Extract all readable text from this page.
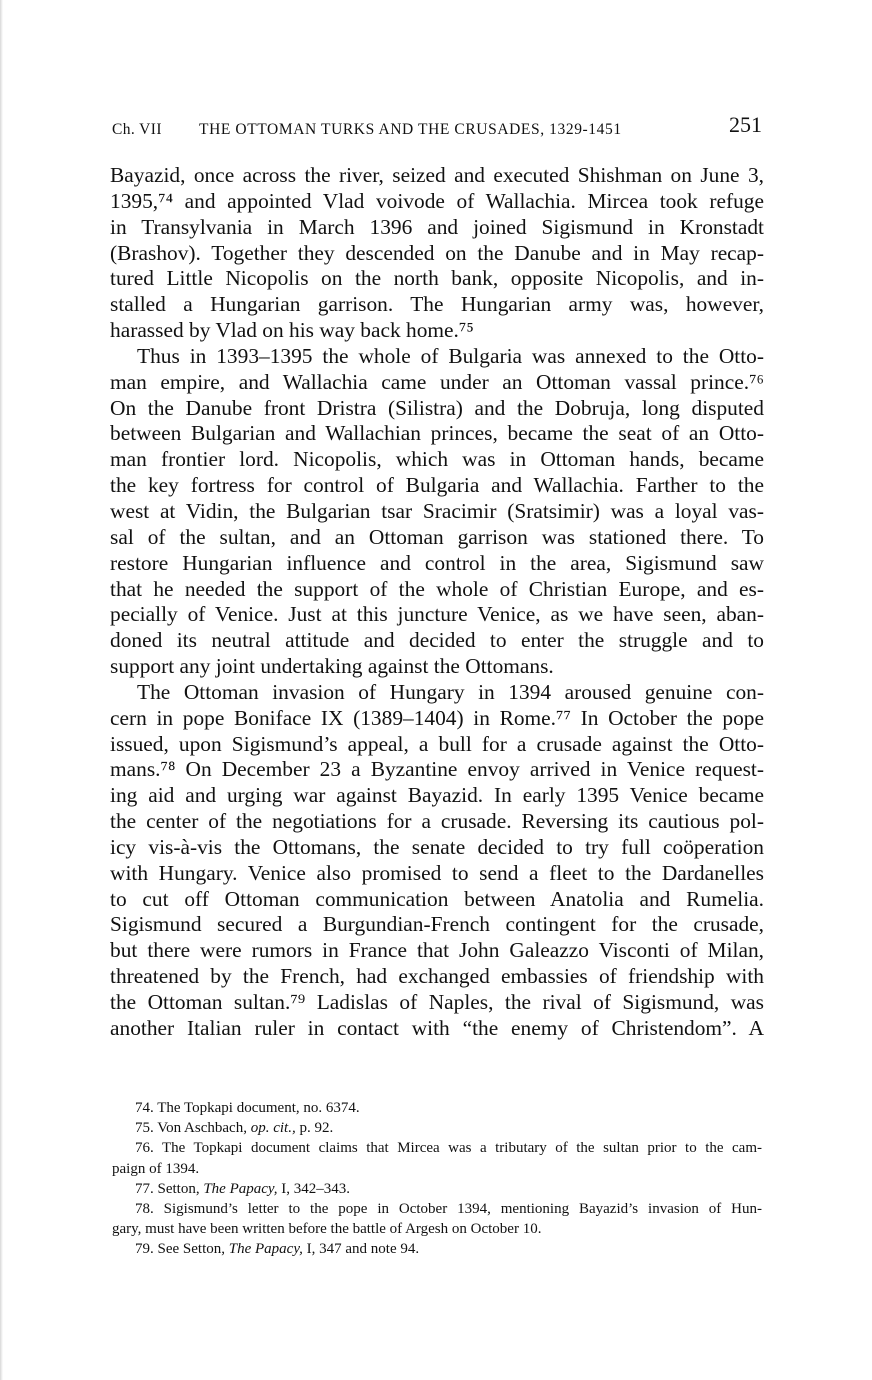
Ch. VII THE OTTOMAN TURKS AND THE CRUSADES, 1329-1451	251
Bayazid, once across the river, seized and executed Shishman on June 3,
1395,⁷⁴ and appointed Vlad voivode of Wallachia. Mircea took refuge
in Transylvania in March 1396 and joined Sigismund in Kronstadt
(Brashov). Together they descended on the Danube and in May recap-
tured Little Nicopolis on the north bank, opposite Nicopolis, and in-
stalled a Hungarian garrison. The Hungarian army was, however,
harassed by Vlad on his way back home.⁷⁵
Thus in 1393–1395 the whole of Bulgaria was annexed to the Otto-
man empire, and Wallachia came under an Ottoman vassal prince.⁷⁶
On the Danube front Dristra (Silistra) and the Dobruja, long disputed
between Bulgarian and Wallachian princes, became the seat of an Otto-
man frontier lord. Nicopolis, which was in Ottoman hands, became
the key fortress for control of Bulgaria and Wallachia. Farther to the
west at Vidin, the Bulgarian tsar Sracimir (Sratsimir) was a loyal vas-
sal of the sultan, and an Ottoman garrison was stationed there. To
restore Hungarian influence and control in the area, Sigismund saw
that he needed the support of the whole of Christian Europe, and es-
pecially of Venice. Just at this juncture Venice, as we have seen, aban-
doned its neutral attitude and decided to enter the struggle and to
support any joint undertaking against the Ottomans.
The Ottoman invasion of Hungary in 1394 aroused genuine con-
cern in pope Boniface IX (1389–1404) in Rome.⁷⁷ In October the pope
issued, upon Sigismund’s appeal, a bull for a crusade against the Otto-
mans.⁷⁸ On December 23 a Byzantine envoy arrived in Venice request-
ing aid and urging war against Bayazid. In early 1395 Venice became
the center of the negotiations for a crusade. Reversing its cautious pol-
icy vis-à-vis the Ottomans, the senate decided to try full coöperation
with Hungary. Venice also promised to send a fleet to the Dardanelles
to cut off Ottoman communication between Anatolia and Rumelia.
Sigismund secured a Burgundian-French contingent for the crusade,
but there were rumors in France that John Galeazzo Visconti of Milan,
threatened by the French, had exchanged embassies of friendship with
the Ottoman sultan.⁷⁹ Ladislas of Naples, the rival of Sigismund, was
another Italian ruler in contact with “the enemy of Christendom”. A
74. The Topkapi document, no. 6374.
75. Von Aschbach, op. cit., p. 92.
76. The Topkapi document claims that Mircea was a tributary of the sultan prior to the cam-
paign of 1394.
77. Setton, The Papacy, I, 342–343.
78. Sigismund’s letter to the pope in October 1394, mentioning Bayazid’s invasion of Hun-
gary, must have been written before the battle of Argesh on October 10.
79. See Setton, The Papacy, I, 347 and note 94.
